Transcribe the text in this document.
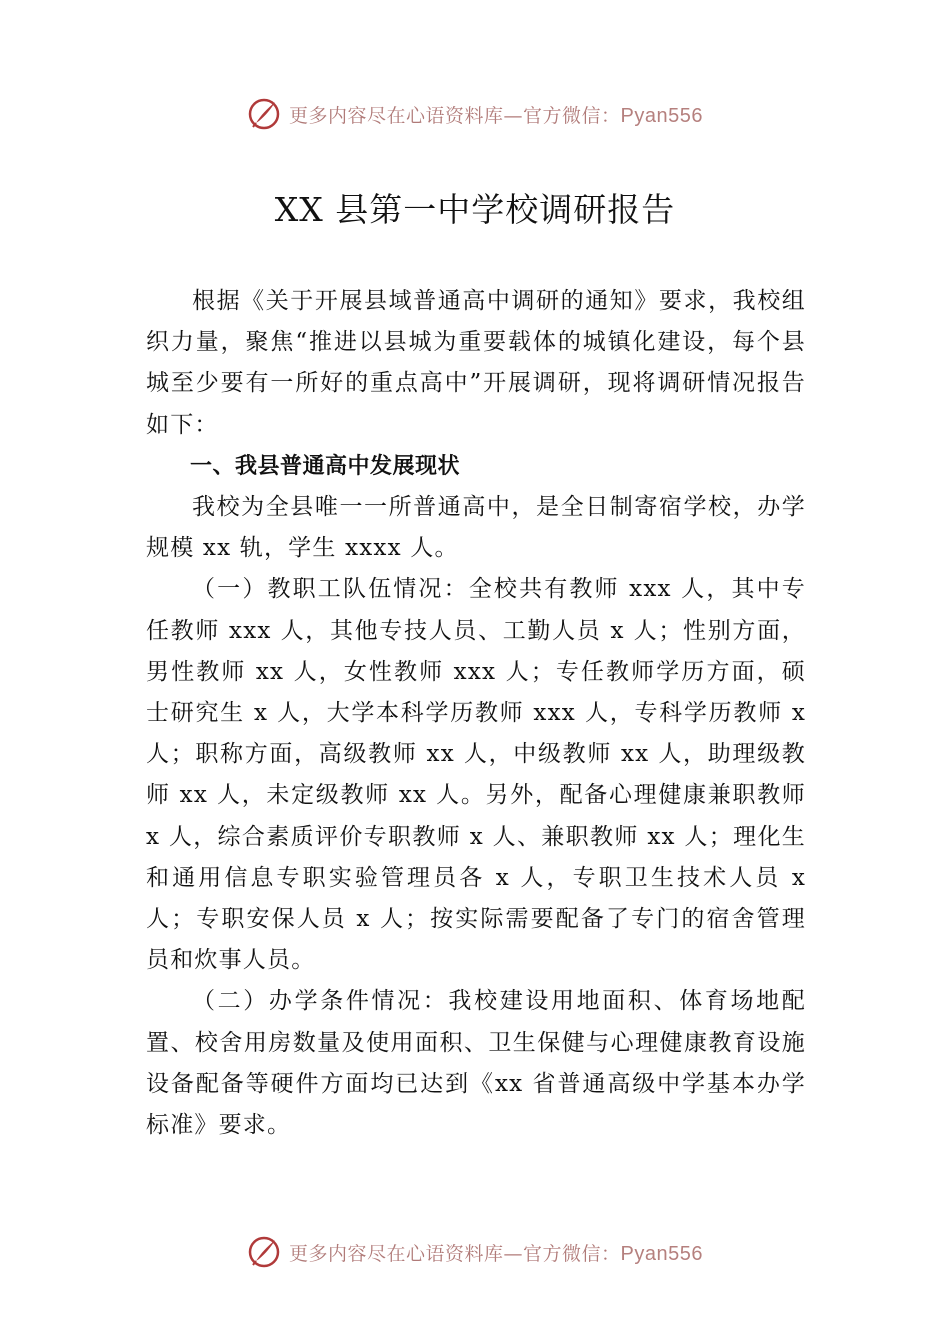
更多内容尽在心语资料库—官方微信：Pyan556
XX 县第一中学校调研报告

根据《关于开展县域普通高中调研的通知》要求，我校组织力量，聚焦“推进以县城为重要载体的城镇化建设，每个县城至少要有一所好的重点高中”开展调研，现将调研情况报告如下：

一、我县普通高中发展现状

我校为全县唯一一所普通高中，是全日制寄宿学校，办学规模 xx 轨，学生 xxxx 人。

（一）教职工队伍情况：全校共有教师 xxx 人，其中专任教师 xxx 人，其他专技人员、工勤人员 x 人；性别方面，男性教师 xx 人，女性教师 xxx 人；专任教师学历方面，硕士研究生 x 人，大学本科学历教师 xxx 人，专科学历教师 x 人；职称方面，高级教师 xx 人，中级教师 xx 人，助理级教师 xx 人，未定级教师 xx 人。另外，配备心理健康兼职教师 x 人，综合素质评价专职教师 x 人、兼职教师 xx 人；理化生和通用信息专职实验管理员各 x 人，专职卫生技术人员 x 人；专职安保人员 x 人；按实际需要配备了专门的宿舍管理员和炊事人员。

（二）办学条件情况：我校建设用地面积、体育场地配置、校舍用房数量及使用面积、卫生保健与心理健康教育设施设备配备等硬件方面均已达到《xx 省普通高级中学基本办学标准》要求。

更多内容尽在心语资料库—官方微信：Pyan556
